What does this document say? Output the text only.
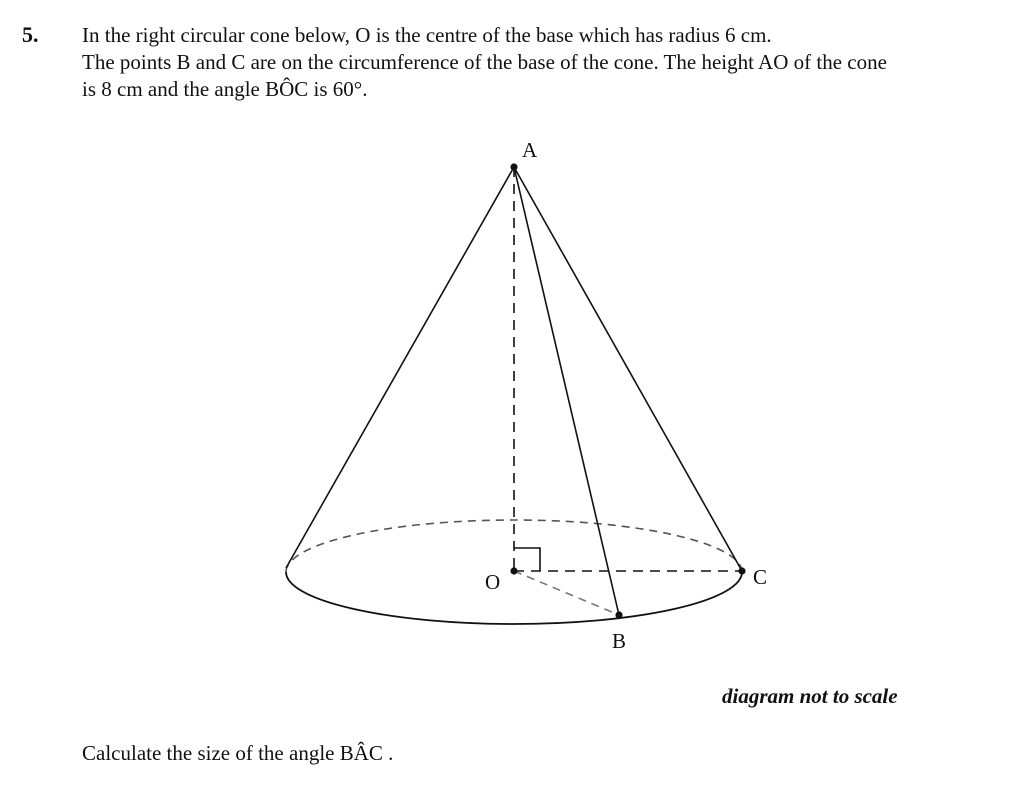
5. In the right circular cone below, O is the centre of the base which has radius 6 cm.

The points B and C are on the circumference of the base of the cone. The height AO of the cone

is 8 cm and the angle BÔC is 60°.

A
O	C
B
diagram not to scale
Calculate the size of the angle BÂC .
